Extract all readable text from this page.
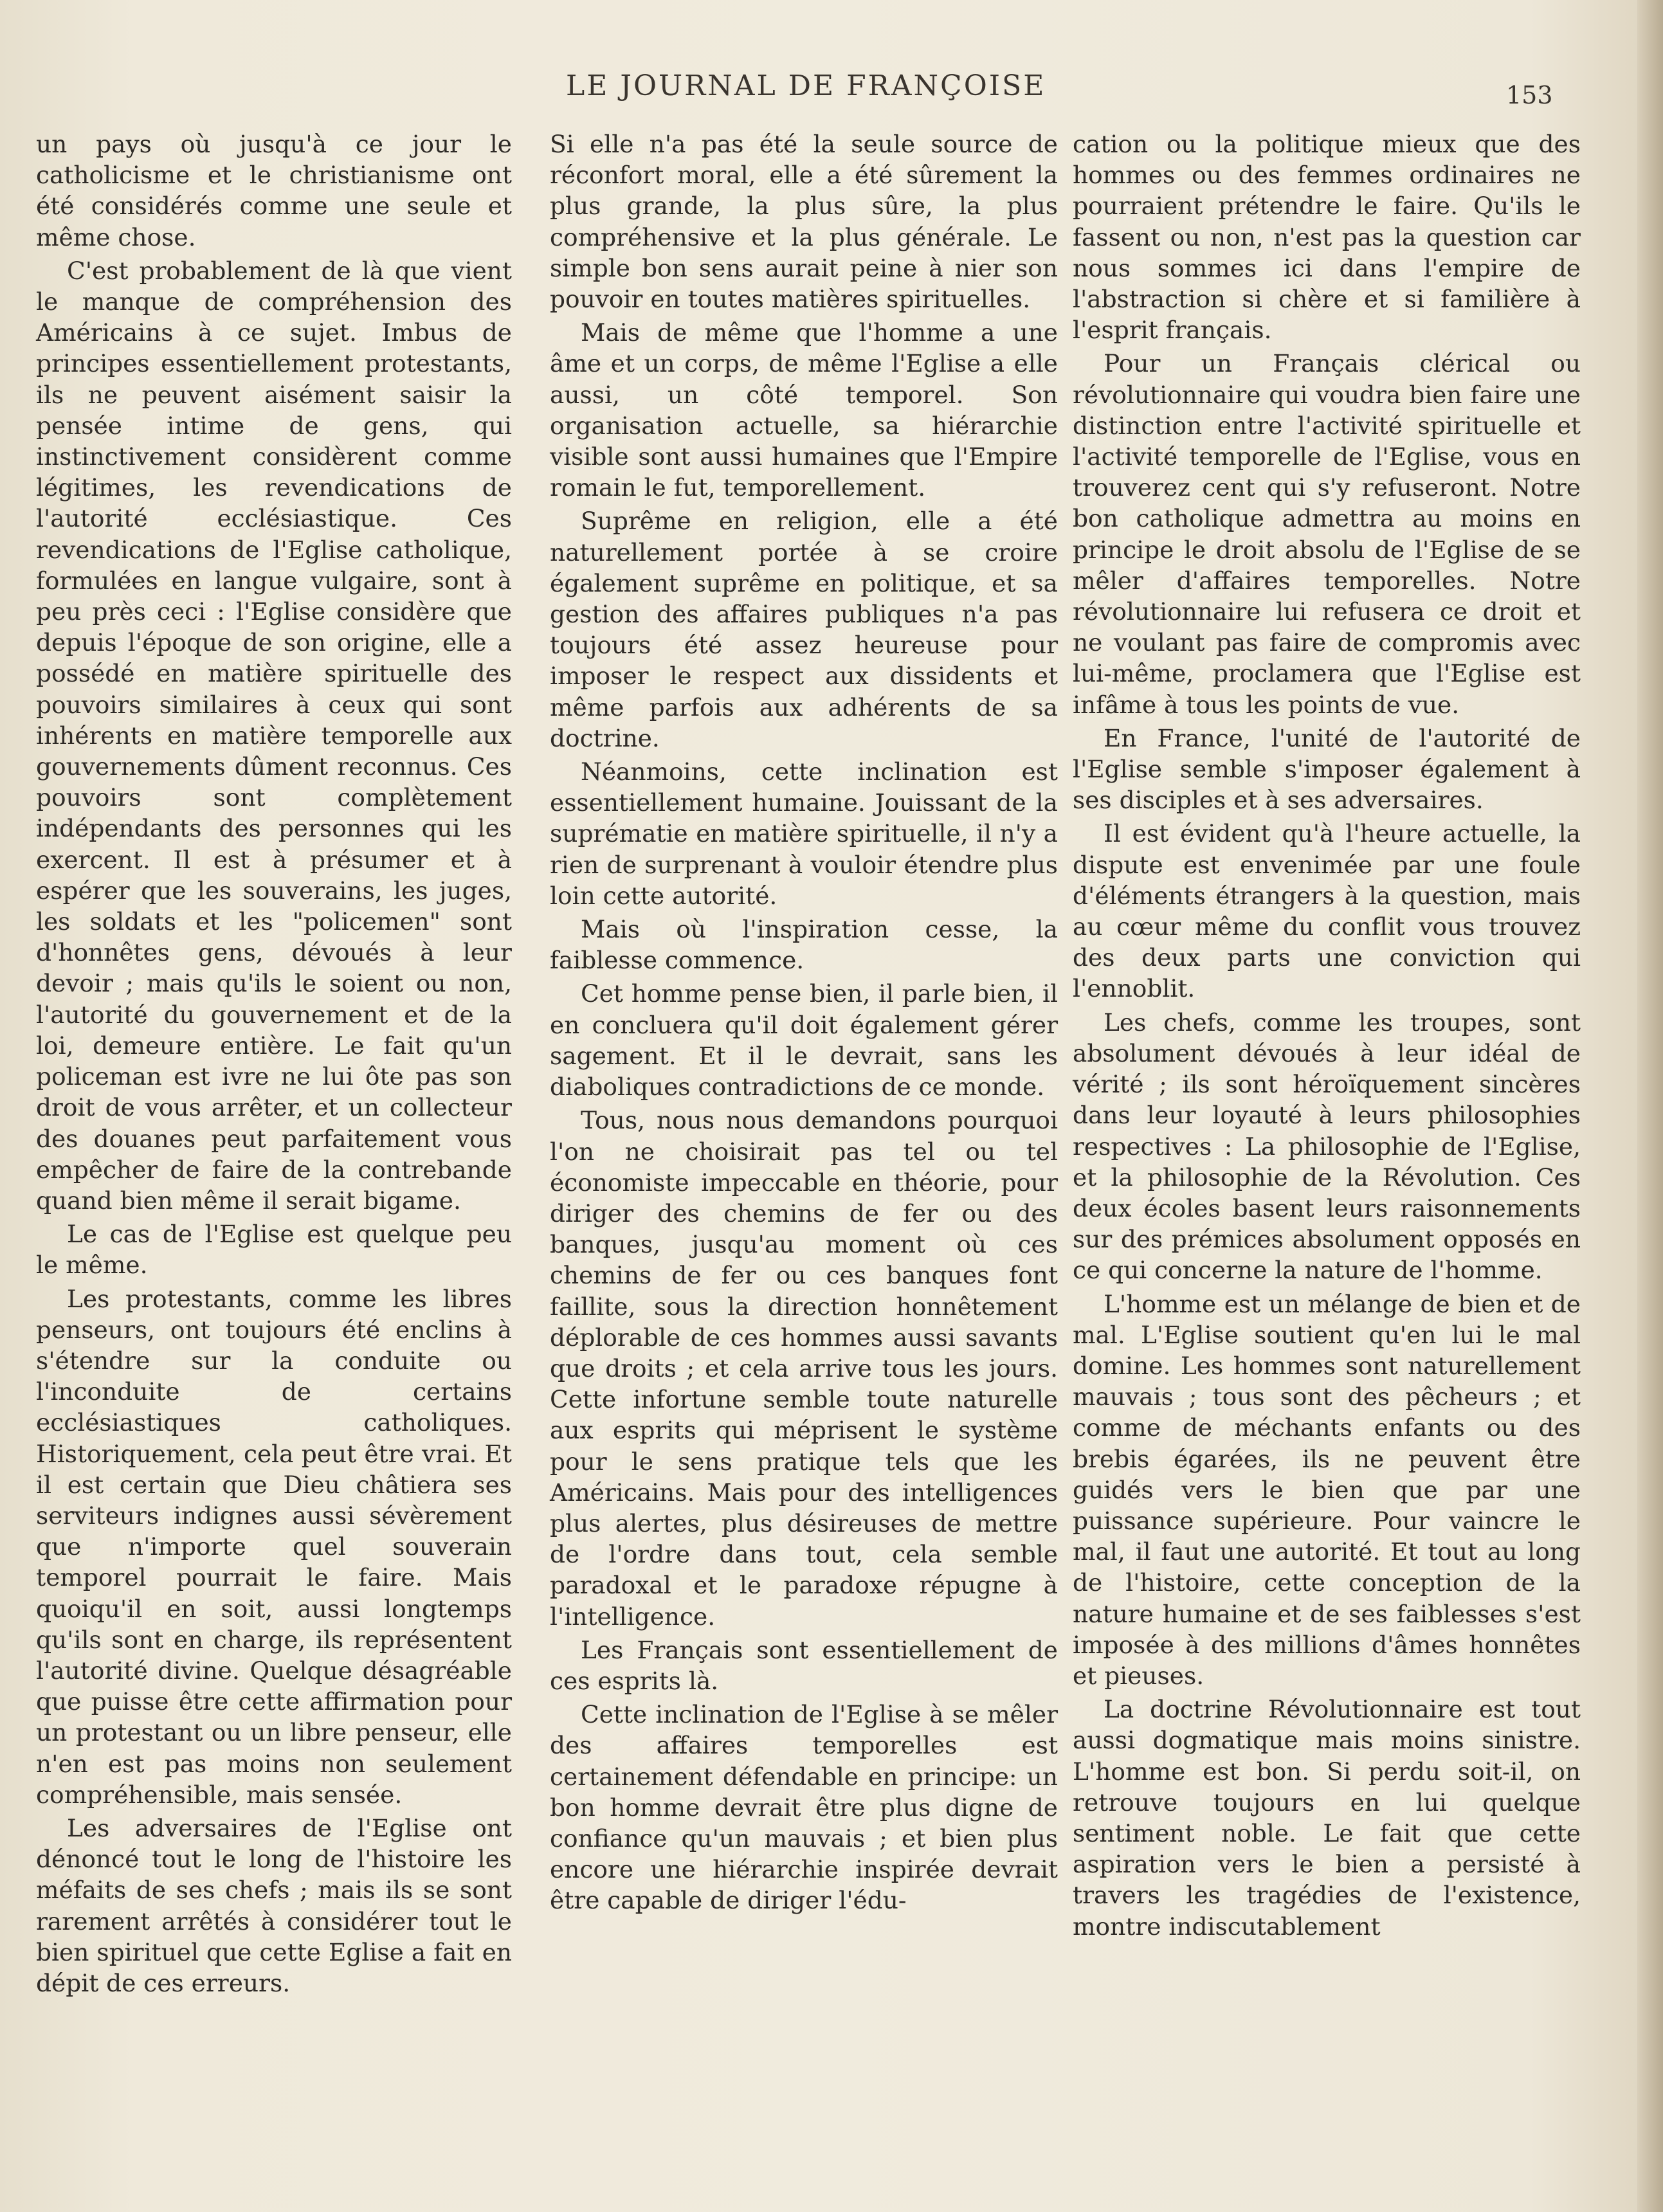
LE JOURNAL DE FRANÇOISE	153

un pays où jusqu'à ce jour le catholicisme et le christianisme ont été considérés comme une seule et même chose.

C'est probablement de là que vient le manque de compréhension des Américains à ce sujet. Imbus de principes essentiellement protestants, ils ne peuvent aisément saisir la pensée intime de gens, qui instinctivement considèrent comme légitimes, les revendications de l'autorité ecclésiastique. Ces revendications de l'Eglise catholique, formulées en langue vulgaire, sont à peu près ceci : l'Eglise considère que depuis l'époque de son origine, elle a possédé en matière spirituelle des pouvoirs similaires à ceux qui sont inhérents en matière temporelle aux gouvernements dûment reconnus. Ces pouvoirs sont complètement indépendants des personnes qui les exercent. Il est à présumer et à espérer que les souverains, les juges, les soldats et les "policemen" sont d'honnêtes gens, dévoués à leur devoir ; mais qu'ils le soient ou non, l'autorité du gouvernement et de la loi, demeure entière. Le fait qu'un policeman est ivre ne lui ôte pas son droit de vous arrêter, et un collecteur des douanes peut parfaitement vous empêcher de faire de la contrebande quand bien même il serait bigame.

Le cas de l'Eglise est quelque peu le même.

Les protestants, comme les libres penseurs, ont toujours été enclins à s'étendre sur la conduite ou l'inconduite de certains ecclésiastiques catholiques. Historiquement, cela peut être vrai. Et il est certain que Dieu châtiera ses serviteurs indignes aussi sévèrement que n'importe quel souverain temporel pourrait le faire. Mais quoiqu'il en soit, aussi longtemps qu'ils sont en charge, ils représentent l'autorité divine. Quelque désagréable que puisse être cette affirmation pour un protestant ou un libre penseur, elle n'en est pas moins non seulement compréhensible, mais sensée.

Les adversaires de l'Eglise ont dénoncé tout le long de l'histoire les méfaits de ses chefs ; mais ils se sont rarement arrêtés à considérer tout le bien spirituel que cette Eglise a fait en dépit de ces erreurs.

Si elle n'a pas été la seule source de réconfort moral, elle a été sûrement la plus grande, la plus sûre, la plus compréhensive et la plus générale. Le simple bon sens aurait peine à nier son pouvoir en toutes matières spirituelles.

Mais de même que l'homme a une âme et un corps, de même l'Eglise a elle aussi, un côté temporel. Son organisation actuelle, sa hiérarchie visible sont aussi humaines que l'Empire romain le fut, temporellement.

Suprême en religion, elle a été naturellement portée à se croire également suprême en politique, et sa gestion des affaires publiques n'a pas toujours été assez heureuse pour imposer le respect aux dissidents et même parfois aux adhérents de sa doctrine.

Néanmoins, cette inclination est essentiellement humaine. Jouissant de la suprématie en matière spirituelle, il n'y a rien de surprenant à vouloir étendre plus loin cette autorité.

Mais où l'inspiration cesse, la faiblesse commence.

Cet homme pense bien, il parle bien, il en concluera qu'il doit également gérer sagement. Et il le devrait, sans les diaboliques contradictions de ce monde.

Tous, nous nous demandons pourquoi l'on ne choisirait pas tel ou tel économiste impeccable en théorie, pour diriger des chemins de fer ou des banques, jusqu'au moment où ces chemins de fer ou ces banques font faillite, sous la direction honnêtement déplorable de ces hommes aussi savants que droits ; et cela arrive tous les jours. Cette infortune semble toute naturelle aux esprits qui méprisent le système pour le sens pratique tels que les Américains. Mais pour des intelligences plus alertes, plus désireuses de mettre de l'ordre dans tout, cela semble paradoxal et le paradoxe répugne à l'intelligence.

Les Français sont essentiellement de ces esprits là.

Cette inclination de l'Eglise à se mêler des affaires temporelles est certainement défendable en principe: un bon homme devrait être plus digne de confiance qu'un mauvais ; et bien plus encore une hiérarchie inspirée devrait être capable de diriger l'édu-

cation ou la politique mieux que des hommes ou des femmes ordinaires ne pourraient prétendre le faire. Qu'ils le fassent ou non, n'est pas la question car nous sommes ici dans l'empire de l'abstraction si chère et si familière à l'esprit français.

Pour un Français clérical ou révolutionnaire qui voudra bien faire une distinction entre l'activité spirituelle et l'activité temporelle de l'Eglise, vous en trouverez cent qui s'y refuseront. Notre bon catholique admettra au moins en principe le droit absolu de l'Eglise de se mêler d'affaires temporelles. Notre révolutionnaire lui refusera ce droit et ne voulant pas faire de compromis avec lui-même, proclamera que l'Eglise est infâme à tous les points de vue.

En France, l'unité de l'autorité de l'Eglise semble s'imposer également à ses disciples et à ses adversaires.

Il est évident qu'à l'heure actuelle, la dispute est envenimée par une foule d'éléments étrangers à la question, mais au cœur même du conflit vous trouvez des deux parts une conviction qui l'ennoblit.

Les chefs, comme les troupes, sont absolument dévoués à leur idéal de vérité ; ils sont héroïquement sincères dans leur loyauté à leurs philosophies respectives : La philosophie de l'Eglise, et la philosophie de la Révolution. Ces deux écoles basent leurs raisonnements sur des prémices absolument opposés en ce qui concerne la nature de l'homme.

L'homme est un mélange de bien et de mal. L'Eglise soutient qu'en lui le mal domine. Les hommes sont naturellement mauvais ; tous sont des pêcheurs ; et comme de méchants enfants ou des brebis égarées, ils ne peuvent être guidés vers le bien que par une puissance supérieure. Pour vaincre le mal, il faut une autorité. Et tout au long de l'histoire, cette conception de la nature humaine et de ses faiblesses s'est imposée à des millions d'âmes honnêtes et pieuses.

La doctrine Révolutionnaire est tout aussi dogmatique mais moins sinistre. L'homme est bon. Si perdu soit-il, on retrouve toujours en lui quelque sentiment noble. Le fait que cette aspiration vers le bien a persisté à travers les tragédies de l'existence, montre indiscutablement
